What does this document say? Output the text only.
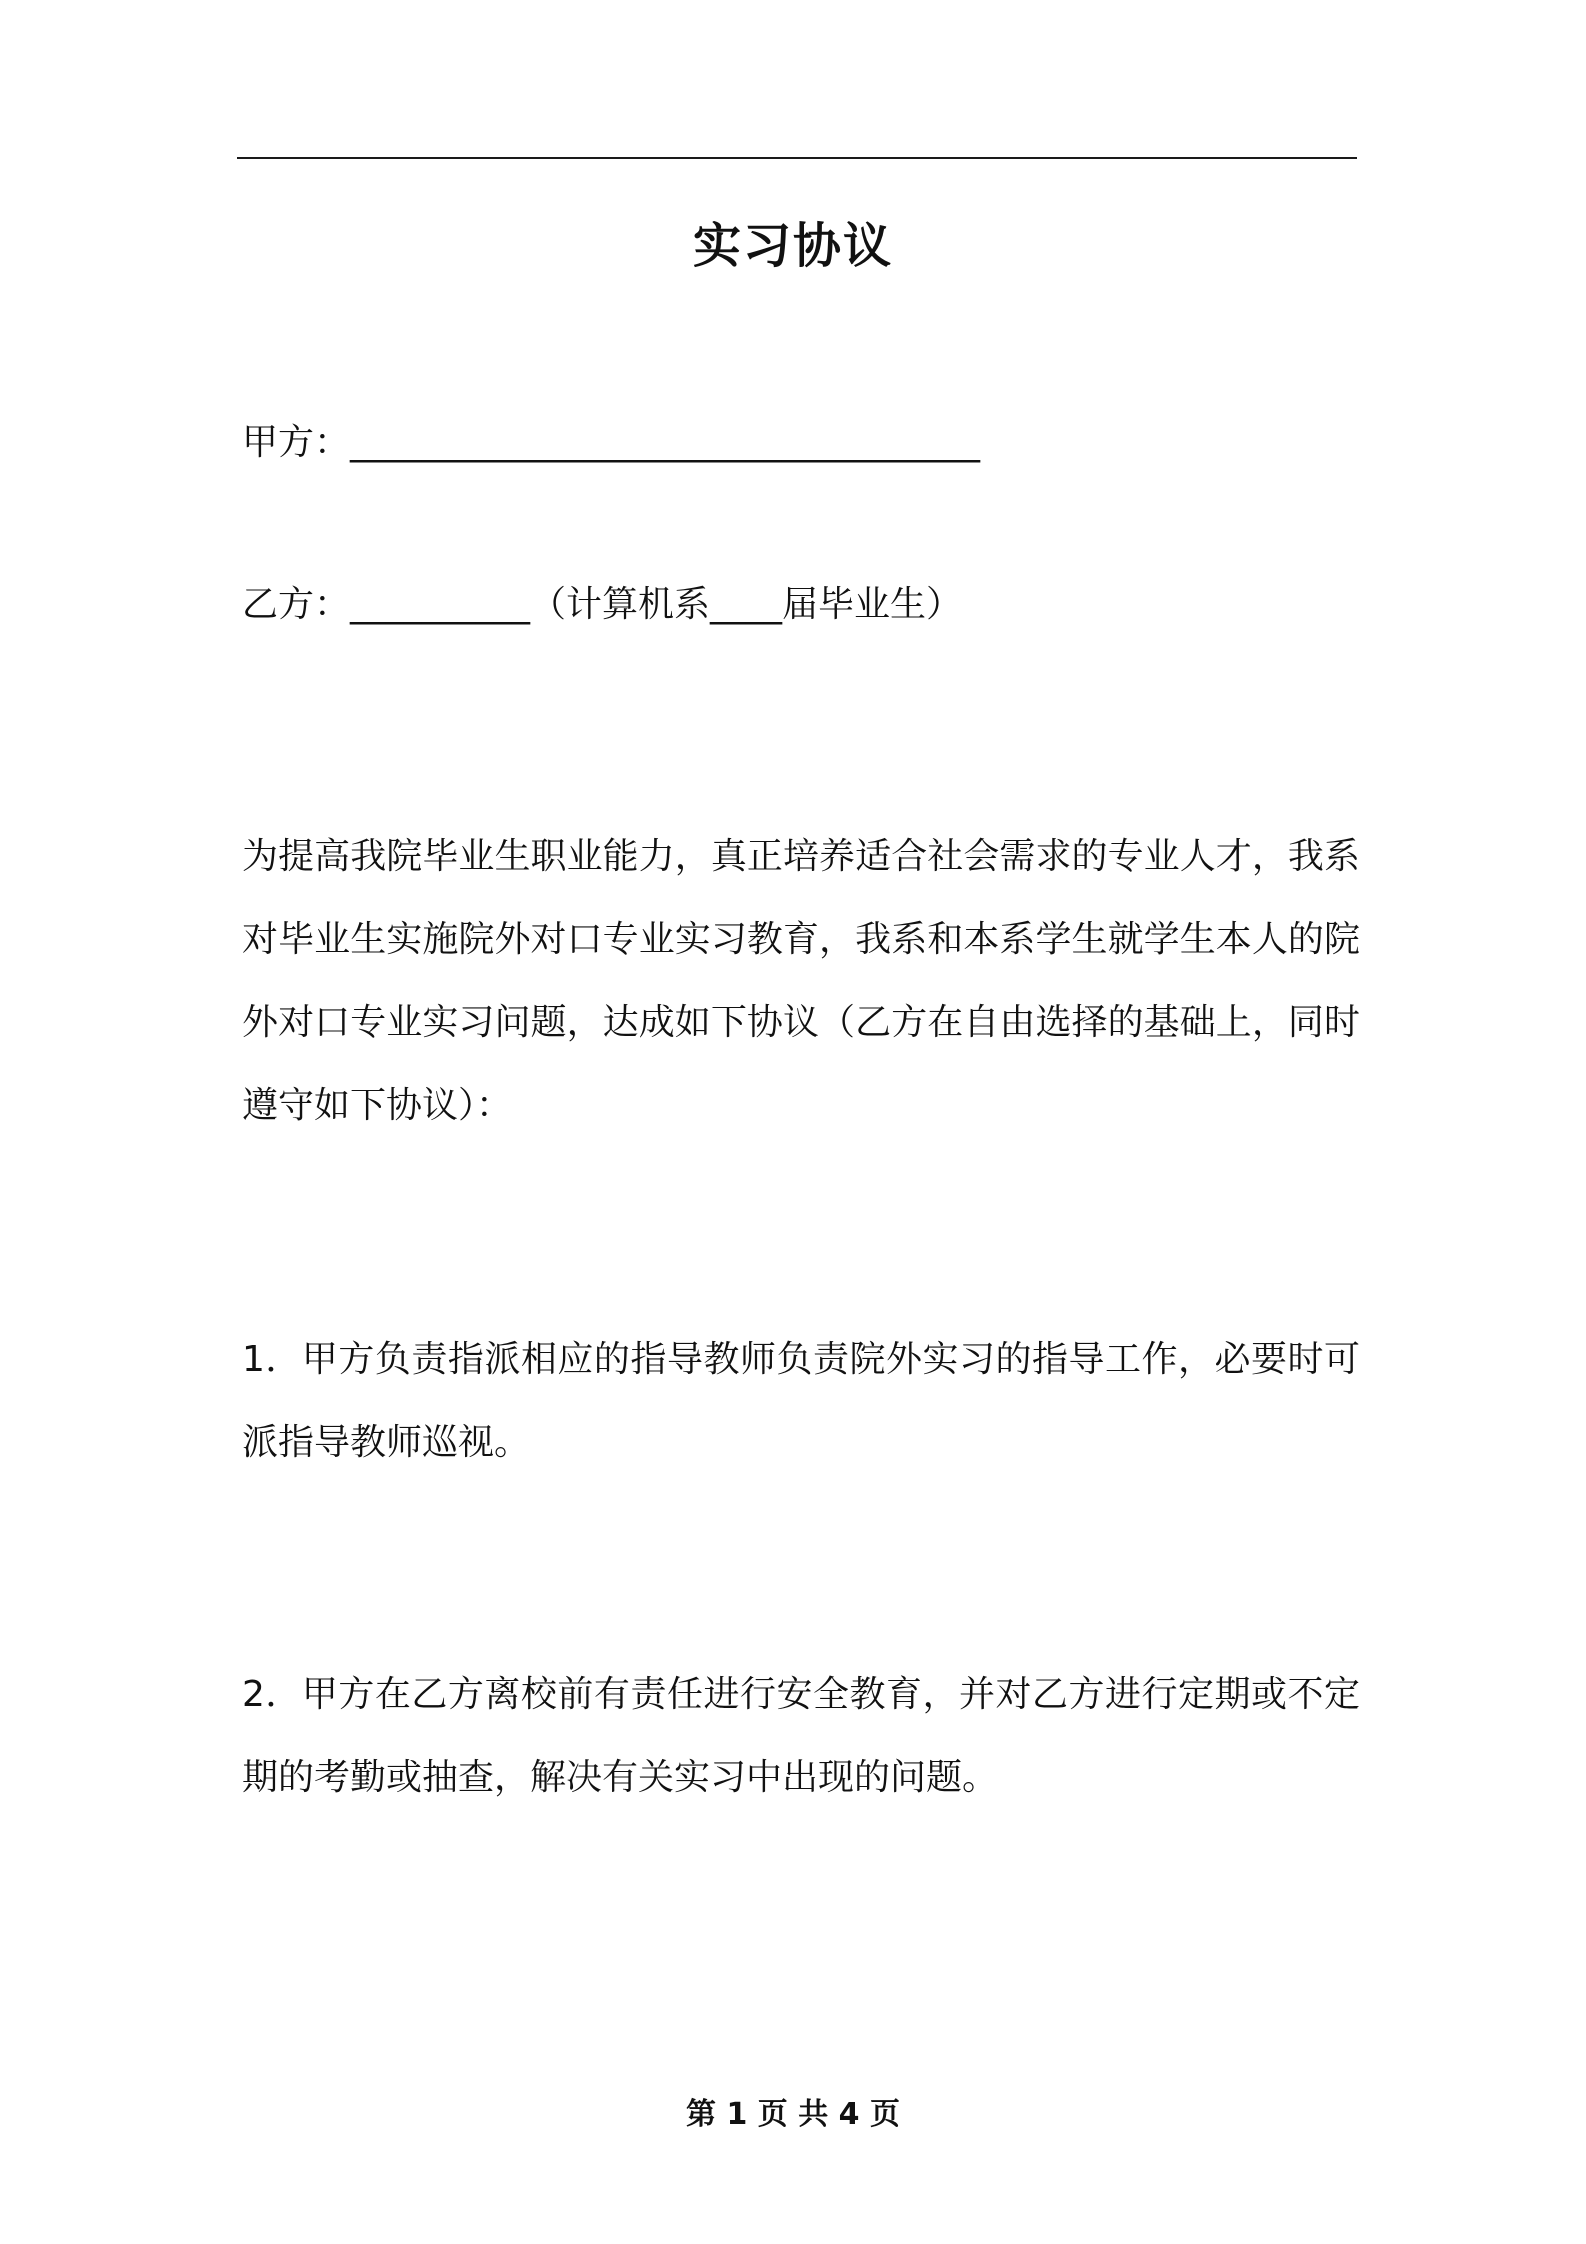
实习协议
甲方：___________________________________
乙方：__________（计算机系____届毕业生）

为提高我院毕业生职业能力，真正培养适合社会需求的专业人才，我系对毕业生实施院外对口专业实习教育，我系和本系学生就学生本人的院外对口专业实习问题，达成如下协议（乙方在自由选择的基础上，同时遵守如下协议）：

1．甲方负责指派相应的指导教师负责院外实习的指导工作，必要时可派指导教师巡视。

2．甲方在乙方离校前有责任进行安全教育，并对乙方进行定期或不定期的考勤或抽查，解决有关实习中出现的问题。

第 1 页 共 4 页
